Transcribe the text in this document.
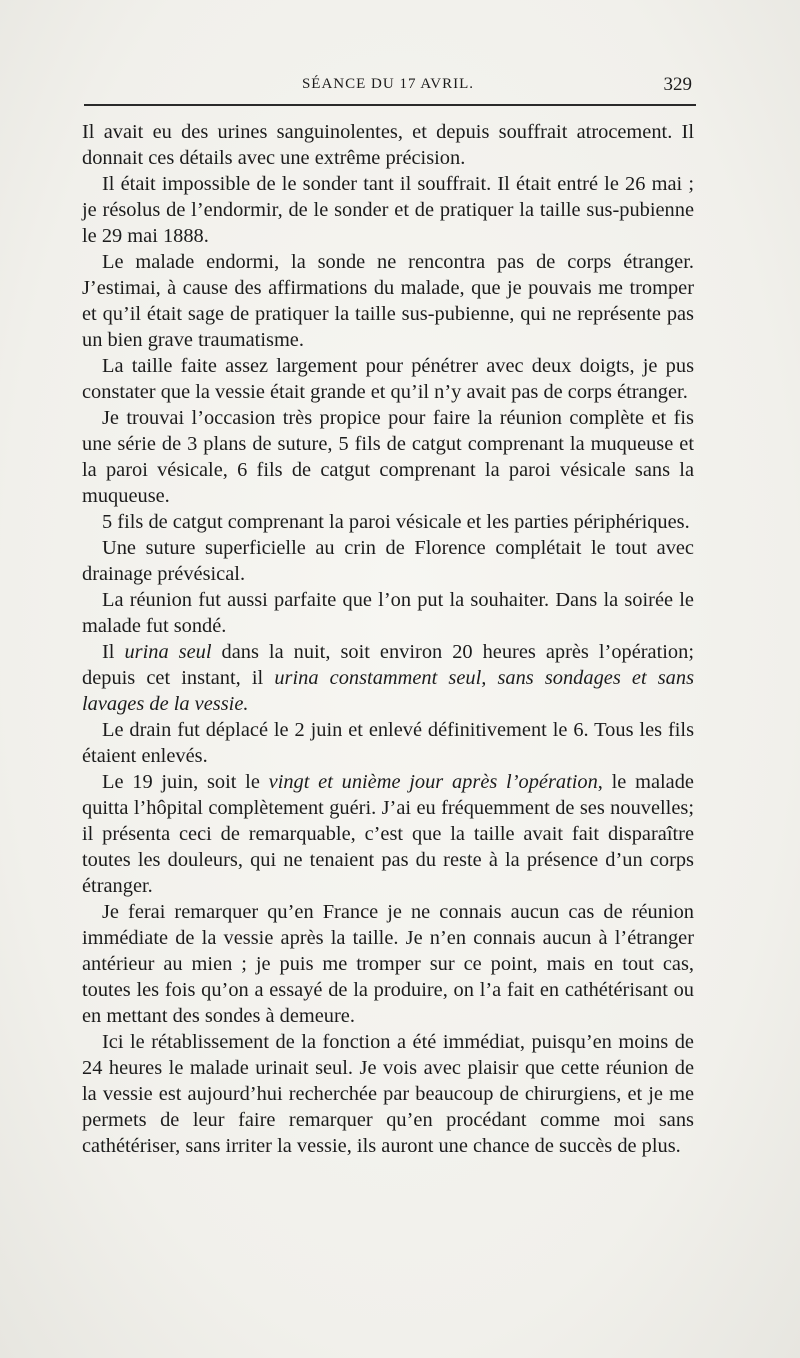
SÉANCE DU 17 AVRIL.	329

Il avait eu des urines sanguinolentes, et depuis souffrait atrocement. Il donnait ces détails avec une extrême précision.

Il était impossible de le sonder tant il souffrait. Il était entré le 26 mai ; je résolus de l’endormir, de le sonder et de pratiquer la taille sus-pubienne le 29 mai 1888.

Le malade endormi, la sonde ne rencontra pas de corps étranger. J’estimai, à cause des affirmations du malade, que je pouvais me tromper et qu’il était sage de pratiquer la taille sus-pubienne, qui ne représente pas un bien grave traumatisme.

La taille faite assez largement pour pénétrer avec deux doigts, je pus constater que la vessie était grande et qu’il n’y avait pas de corps étranger.

Je trouvai l’occasion très propice pour faire la réunion complète et fis une série de 3 plans de suture, 5 fils de catgut comprenant la muqueuse et la paroi vésicale, 6 fils de catgut comprenant la paroi vésicale sans la muqueuse.

5 fils de catgut comprenant la paroi vésicale et les parties périphériques.

Une suture superficielle au crin de Florence complétait le tout avec drainage prévésical.

La réunion fut aussi parfaite que l’on put la souhaiter. Dans la soirée le malade fut sondé.

Il urina seul dans la nuit, soit environ 20 heures après l’opération; depuis cet instant, il urina constamment seul, sans sondages et sans lavages de la vessie.

Le drain fut déplacé le 2 juin et enlevé définitivement le 6. Tous les fils étaient enlevés.

Le 19 juin, soit le vingt et unième jour après l’opération, le malade quitta l’hôpital complètement guéri. J’ai eu fréquemment de ses nouvelles; il présenta ceci de remarquable, c’est que la taille avait fait disparaître toutes les douleurs, qui ne tenaient pas du reste à la présence d’un corps étranger.

Je ferai remarquer qu’en France je ne connais aucun cas de réunion immédiate de la vessie après la taille. Je n’en connais aucun à l’étranger antérieur au mien ; je puis me tromper sur ce point, mais en tout cas, toutes les fois qu’on a essayé de la produire, on l’a fait en cathétérisant ou en mettant des sondes à demeure.

Ici le rétablissement de la fonction a été immédiat, puisqu’en moins de 24 heures le malade urinait seul. Je vois avec plaisir que cette réunion de la vessie est aujourd’hui recherchée par beaucoup de chirurgiens, et je me permets de leur faire remarquer qu’en procédant comme moi sans cathétériser, sans irriter la vessie, ils auront une chance de succès de plus.
